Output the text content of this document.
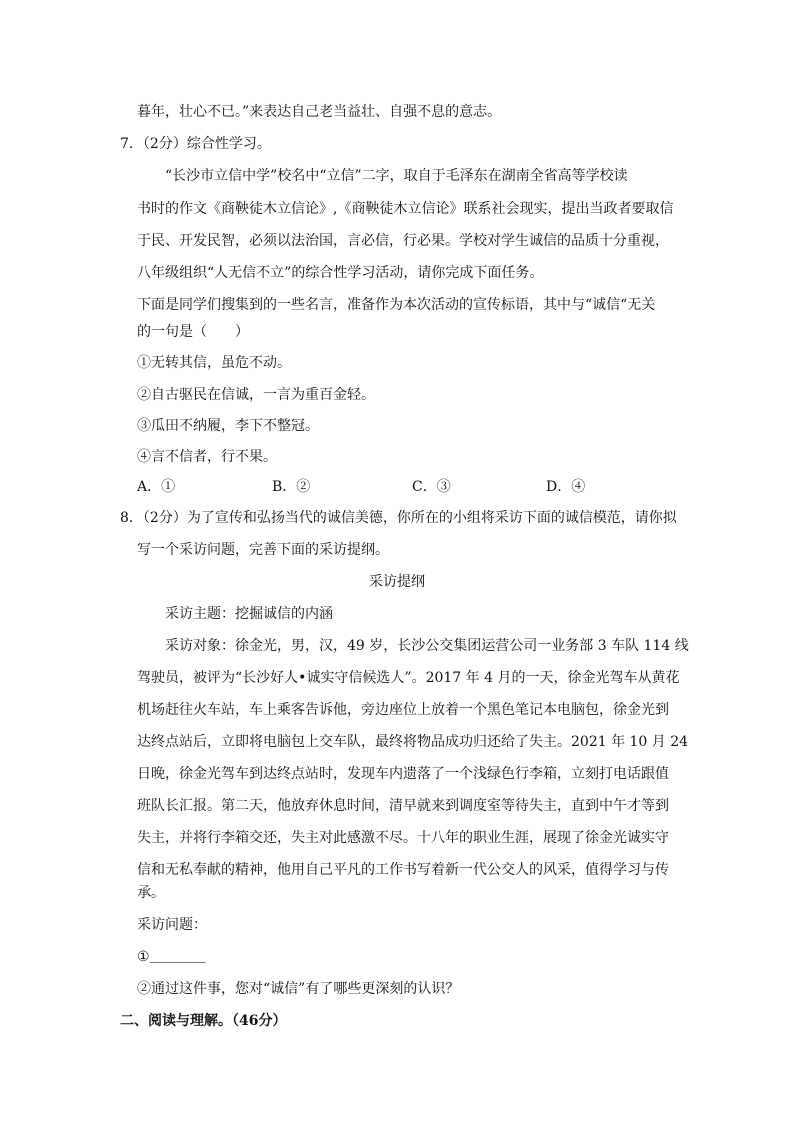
暮年，壮心不已。”来表达自己老当益壮、自强不息的意志。
7．（2分）综合性学习。
“长沙市立信中学”校名中“立信”二字，取自于毛泽东在湖南全省高等学校读
书时的作文《商鞅徒木立信论》,《商鞅徒木立信论》联系社会现实，提出当政者要取信
于民、开发民智，必须以法治国，言必信，行必果。学校对学生诚信的品质十分重视，
八年级组织“人无信不立”的综合性学习活动，请你完成下面任务。
下面是同学们搜集到的一些名言，准备作为本次活动的宣传标语，其中与“诚信“无关
的一句是（　　）
①无转其信，虽危不动。
②自古驱民在信诚，一言为重百金轻。
③瓜田不纳履，李下不整冠。
④言不信者，行不果。
A．①	B．②	C．③	D．④
8．（2分）为了宣传和弘扬当代的诚信美德，你所在的小组将采访下面的诚信模范，请你拟
写一个采访问题，完善下面的采访提纲。
采访提纲
采访主题：挖掘诚信的内涵
采访对象：徐金光，男，汉，49 岁，长沙公交集团运营公司一业务部 3 车队 114 线
驾驶员，被评为“长沙好人•诚实守信候选人”。2017 年 4 月的一天，徐金光驾车从黄花
机场赶往火车站，车上乘客告诉他，旁边座位上放着一个黑色笔记本电脑包，徐金光到
达终点站后，立即将电脑包上交车队，最终将物品成功归还给了失主。2021 年 10 月 24
日晚，徐金光驾车到达终点站时，发现车内遗落了一个浅绿色行李箱，立刻打电话跟值
班队长汇报。第二天，他放弃休息时间，清早就来到调度室等待失主，直到中午才等到
失主，并将行李箱交还，失主对此感激不尽。十八年的职业生涯，展现了徐金光诚实守
信和无私奉献的精神，他用自己平凡的工作书写着新一代公交人的风采，值得学习与传
承。
采访问题：
①＿＿＿＿
②通过这件事，您对“诚信”有了哪些更深刻的认识？
二、阅读与理解。（46分）
